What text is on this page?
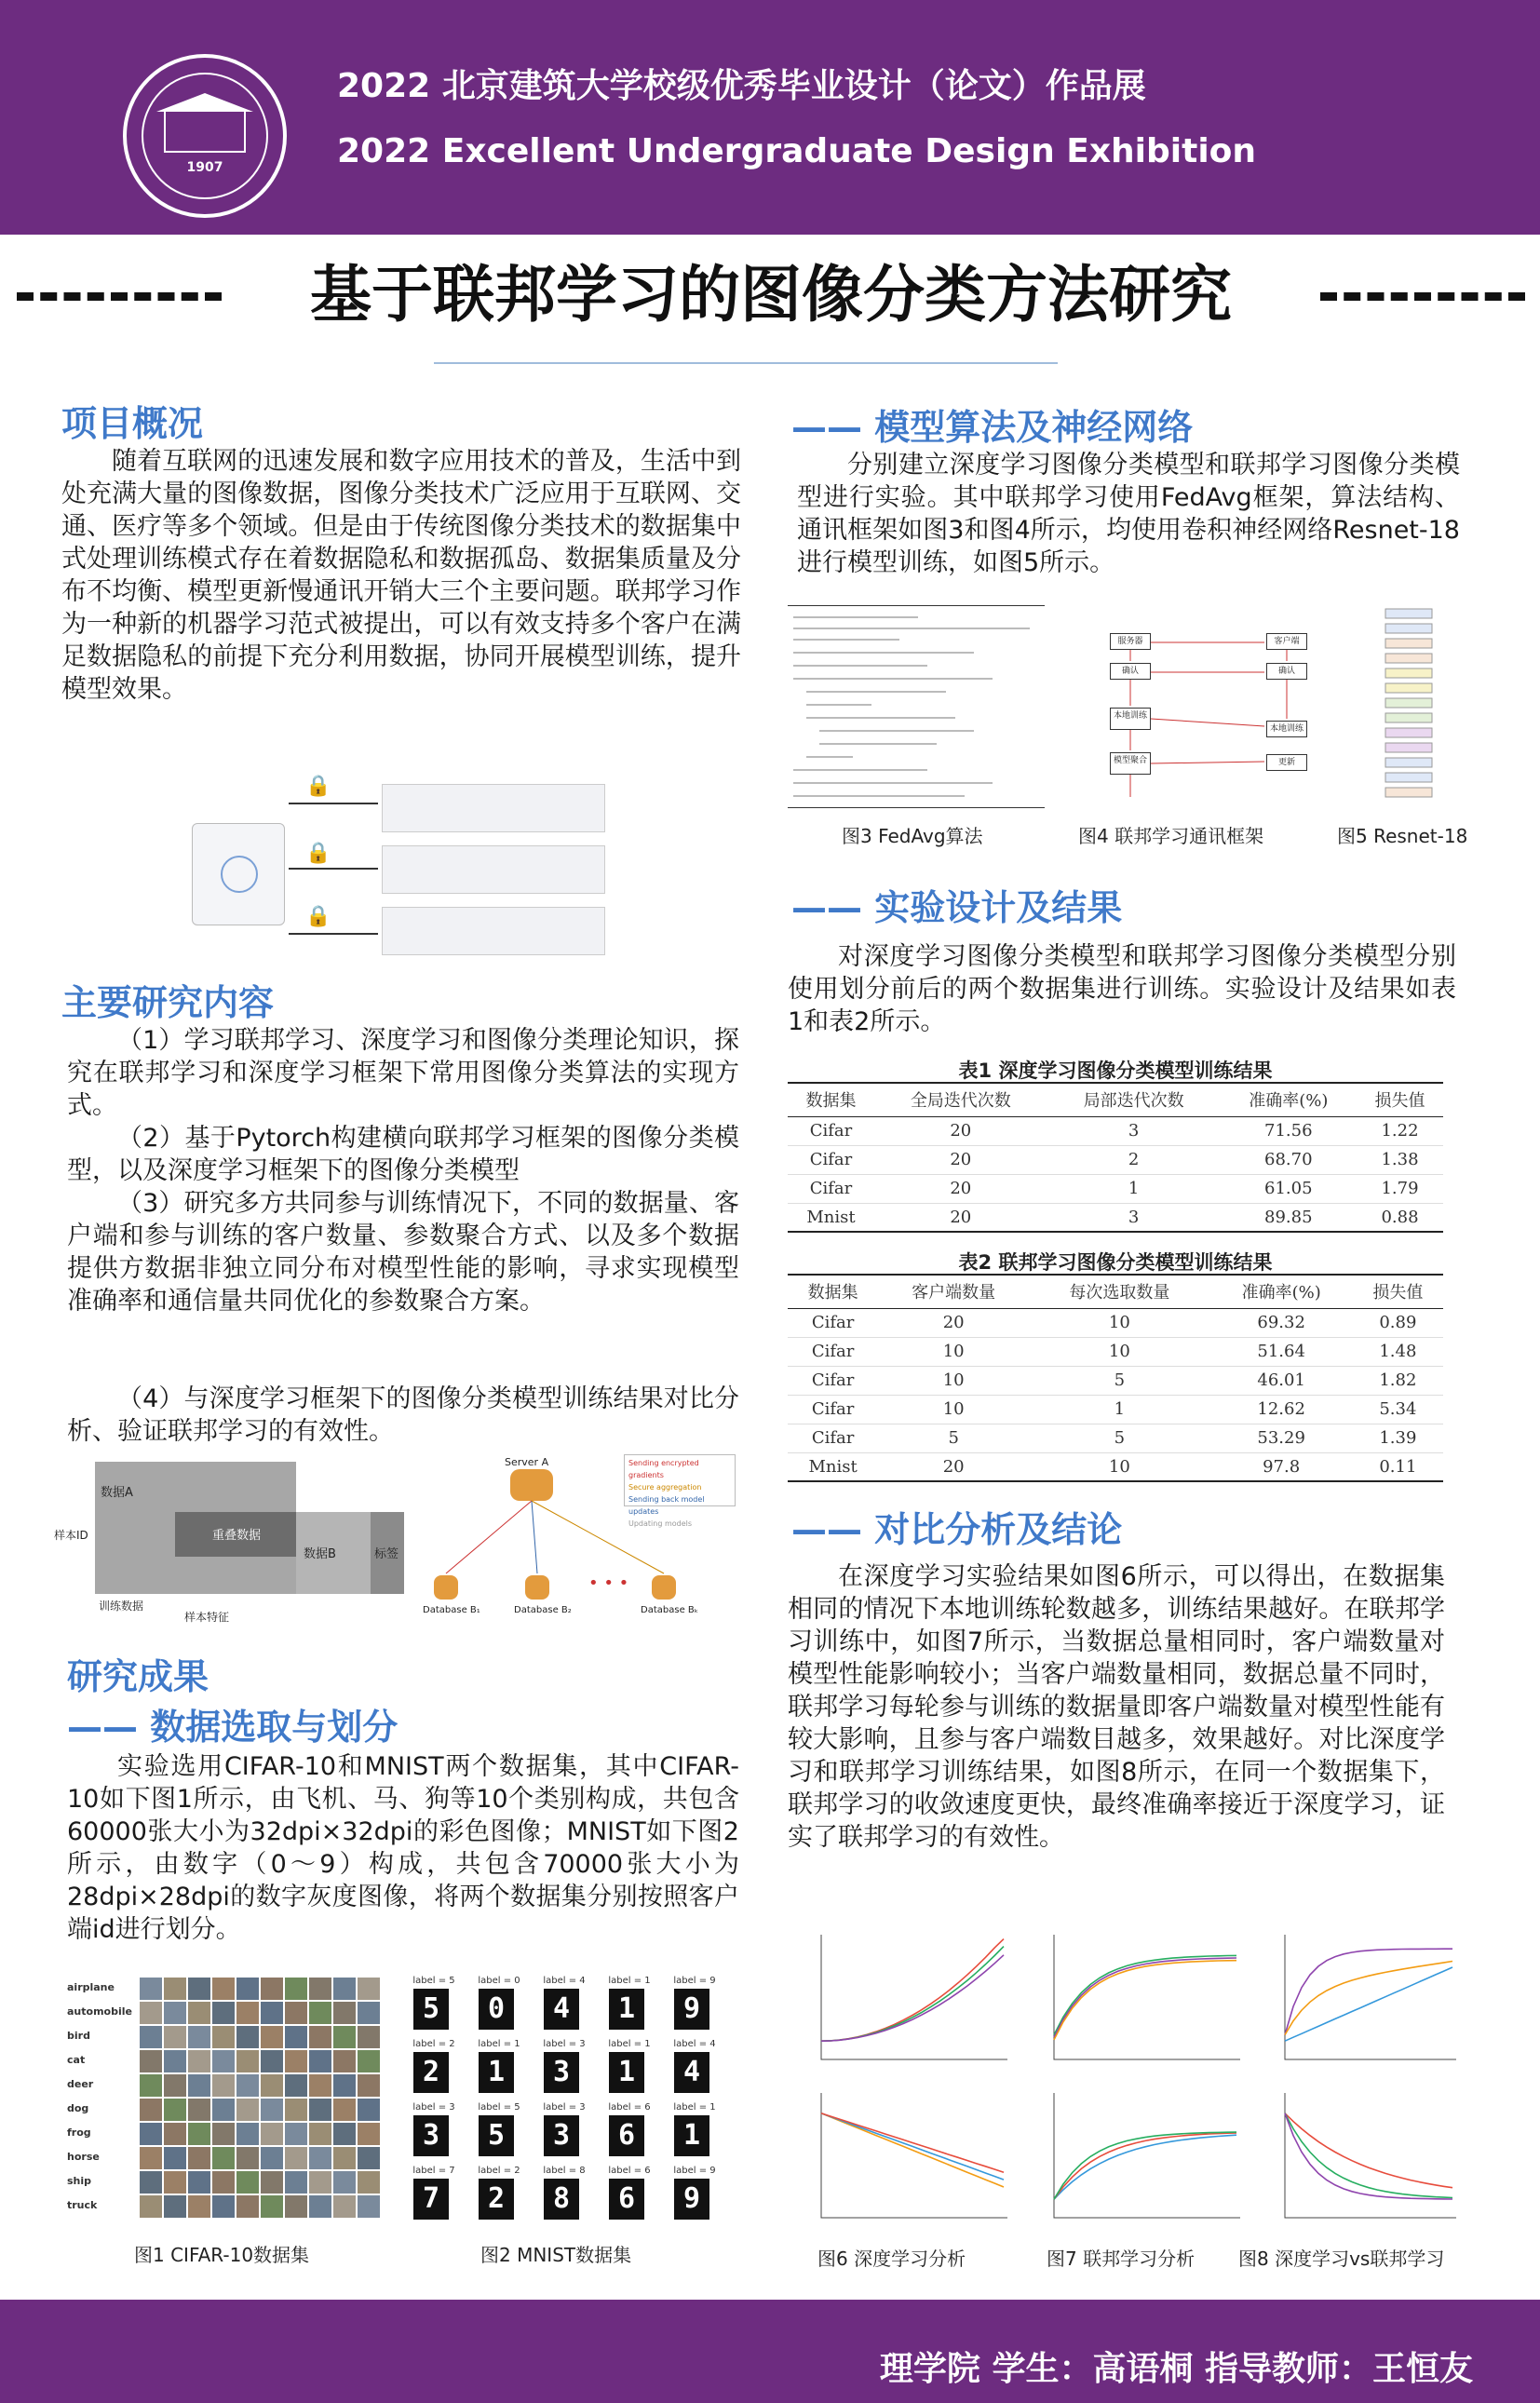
1907
2022 北京建筑大学校级优秀毕业设计（论文）作品展
2022 Excellent Undergraduate Design Exhibition
基于联邦学习的图像分类方法研究
项目概况
随着互联网的迅速发展和数字应用技术的普及，生活中到处充满大量的图像数据，图像分类技术广泛应用于互联网、交通、医疗等多个领域。但是由于传统图像分类技术的数据集中式处理训练模式存在着数据隐私和数据孤岛、数据集质量及分布不均衡、模型更新慢通讯开销大三个主要问题。联邦学习作为一种新的机器学习范式被提出，可以有效支持多个客户在满足数据隐私的前提下充分利用数据，协同开展模型训练，提升模型效果。
🔒
🔒
🔒
主要研究内容
（1）学习联邦学习、深度学习和图像分类理论知识，探究在联邦学习和深度学习框架下常用图像分类算法的实现方式。
（2）基于Pytorch构建横向联邦学习框架的图像分类模型，以及深度学习框架下的图像分类模型
（3）研究多方共同参与训练情况下，不同的数据量、客户端和参与训练的客户数量、参数聚合方式、以及多个数据提供方数据非独立同分布对模型性能的影响，寻求实现模型准确率和通信量共同优化的参数聚合方案。
（4）与深度学习框架下的图像分类模型训练结果对比分析、验证联邦学习的有效性。
数据A
重叠数据
数据B	标签
样本ID
训练数据
样本特征
Server A	Sending encrypted gradients
Secure aggregation
Sending back model updates
Updating models
• • •
Database B₁	Database B₂	Database Bₖ
研究成果
—— 数据选取与划分
实验选用CIFAR-10和MNIST两个数据集，其中CIFAR-10如下图1所示，由飞机、马、狗等10个类别构成，共包含60000张大小为32dpi×32dpi的彩色图像；MNIST如下图2所示，由数字（0～9）构成，共包含70000张大小为28dpi×28dpi的数字灰度图像，将两个数据集分别按照客户端id进行划分。
airplane
automobile
bird
cat
deer
dog
frog
horse
ship
truck
label = 5
5
label = 0
0
label = 4
4
label = 1
1
label = 9
9
label = 2
2
label = 1
1
label = 3
3
label = 1
1
label = 4
4
label = 3
3
label = 5
5
label = 3
3
label = 6
6
label = 1
1
label = 7
7
label = 2
2
label = 8
8
label = 6
6
label = 9
9
图1 CIFAR-10数据集	图2 MNIST数据集
—— 模型算法及神经网络
分别建立深度学习图像分类模型和联邦学习图像分类模型进行实验。其中联邦学习使用FedAvg框架，算法结构、通讯框架如图3和图4所示，均使用卷积神经网络Resnet-18进行模型训练，如图5所示。
服务器	客户端
确认	确认
本地训练
本地训练
模型聚合	更新
图3 FedAvg算法	图4 联邦学习通讯框架	图5 Resnet-18
—— 实验设计及结果
对深度学习图像分类模型和联邦学习图像分类模型分别使用划分前后的两个数据集进行训练。实验设计及结果如表1和表2所示。
表1 深度学习图像分类模型训练结果
数据集	全局迭代次数	局部迭代次数	准确率(%)	损失值
Cifar	20	3	71.56	1.22
Cifar	20	2	68.70	1.38
Cifar	20	1	61.05	1.79
Mnist	20	3	89.85	0.88
表2 联邦学习图像分类模型训练结果
数据集	客户端数量	每次选取数量	准确率(%)	损失值
Cifar	20	10	69.32	0.89
Cifar	10	10	51.64	1.48
Cifar	10	5	46.01	1.82
Cifar	10	1	12.62	5.34
Cifar	5	5	53.29	1.39
Mnist	20	10	97.8	0.11
—— 对比分析及结论
在深度学习实验结果如图6所示，可以得出，在数据集相同的情况下本地训练轮数越多，训练结果越好。在联邦学习训练中，如图7所示，当数据总量相同时，客户端数量对模型性能影响较小；当客户端数量相同，数据总量不同时，联邦学习每轮参与训练的数据量即客户端数量对模型性能有较大影响，且参与客户端数目越多，效果越好。对比深度学习和联邦学习训练结果，如图8所示，在同一个数据集下，联邦学习的收敛速度更快，最终准确率接近于深度学习，证实了联邦学习的有效性。
图6 深度学习分析	图7 联邦学习分析 图8 深度学习vs联邦学习
理学院 学生：高语桐 指导教师：王恒友
